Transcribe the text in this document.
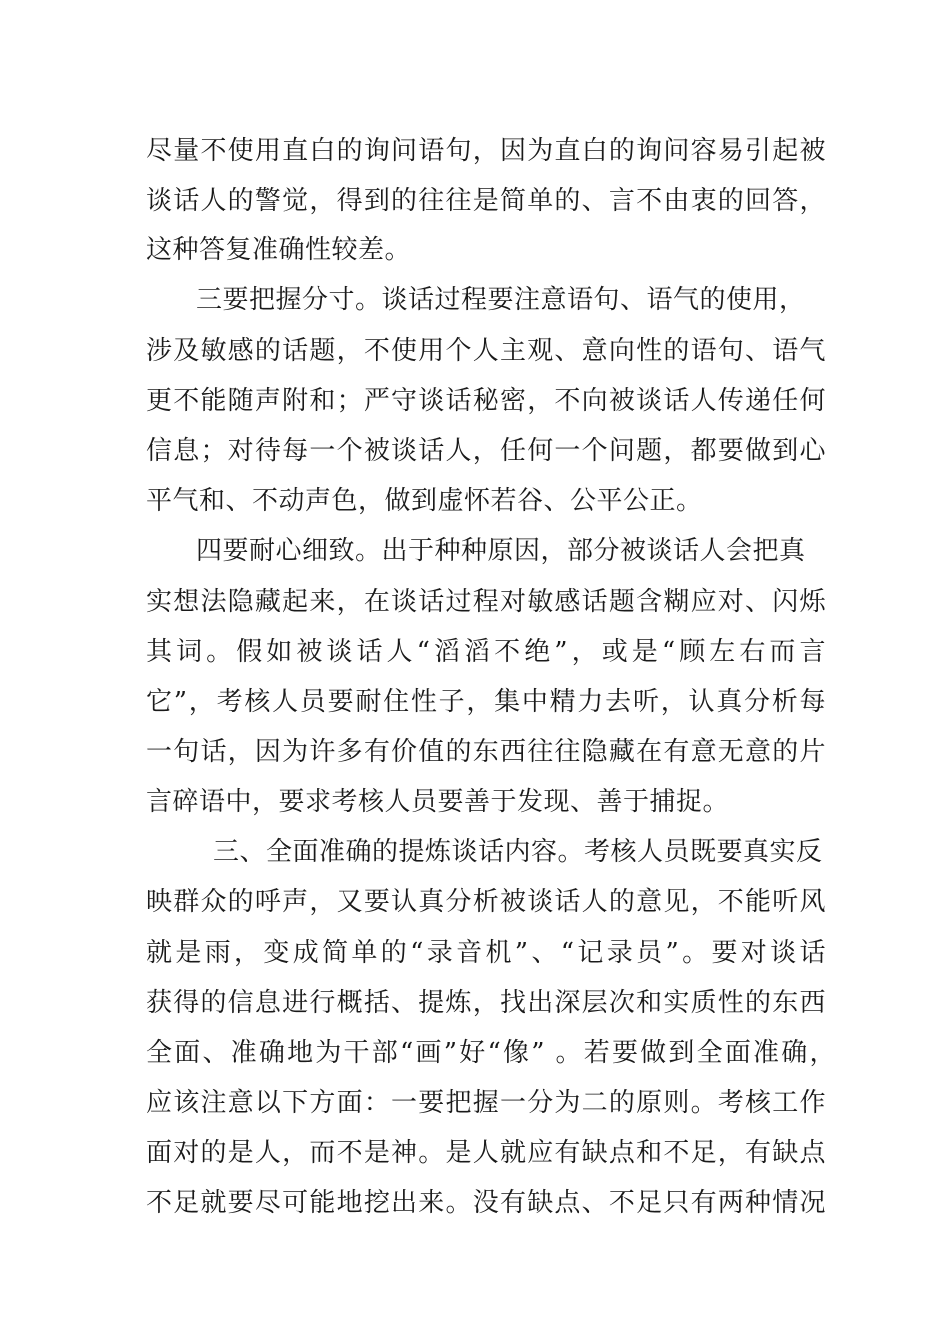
尽量不使用直白的询问语句，因为直白的询问容易引起被
谈话人的警觉，得到的往往是简单的、言不由衷的回答，
这种答复准确性较差。
三要把握分寸。谈话过程要注意语句、语气的使用，
涉及敏感的话题，不使用个人主观、意向性的语句、语气
更不能随声附和；严守谈话秘密，不向被谈话人传递任何
信息；对待每一个被谈话人，任何一个问题，都要做到心
平气和、不动声色，做到虚怀若谷、公平公正。
四要耐心细致。出于种种原因，部分被谈话人会把真
实想法隐藏起来，在谈话过程对敏感话题含糊应对、闪烁
其词。假如被谈话人“滔滔不绝”，或是“顾左右而言
它”，考核人员要耐住性子，集中精力去听，认真分析每
一句话，因为许多有价值的东西往往隐藏在有意无意的片
言碎语中，要求考核人员要善于发现、善于捕捉。
三、全面准确的提炼谈话内容。考核人员既要真实反
映群众的呼声，又要认真分析被谈话人的意见，不能听风
就是雨，变成简单的“录音机”、“记录员”。要对谈话
获得的信息进行概括、提炼，找出深层次和实质性的东西
全面、准确地为干部“画”好“像” 。若要做到全面准确，
应该注意以下方面：一要把握一分为二的原则。考核工作
面对的是人，而不是神。是人就应有缺点和不足，有缺点
不足就要尽可能地挖出来。没有缺点、不足只有两种情况
